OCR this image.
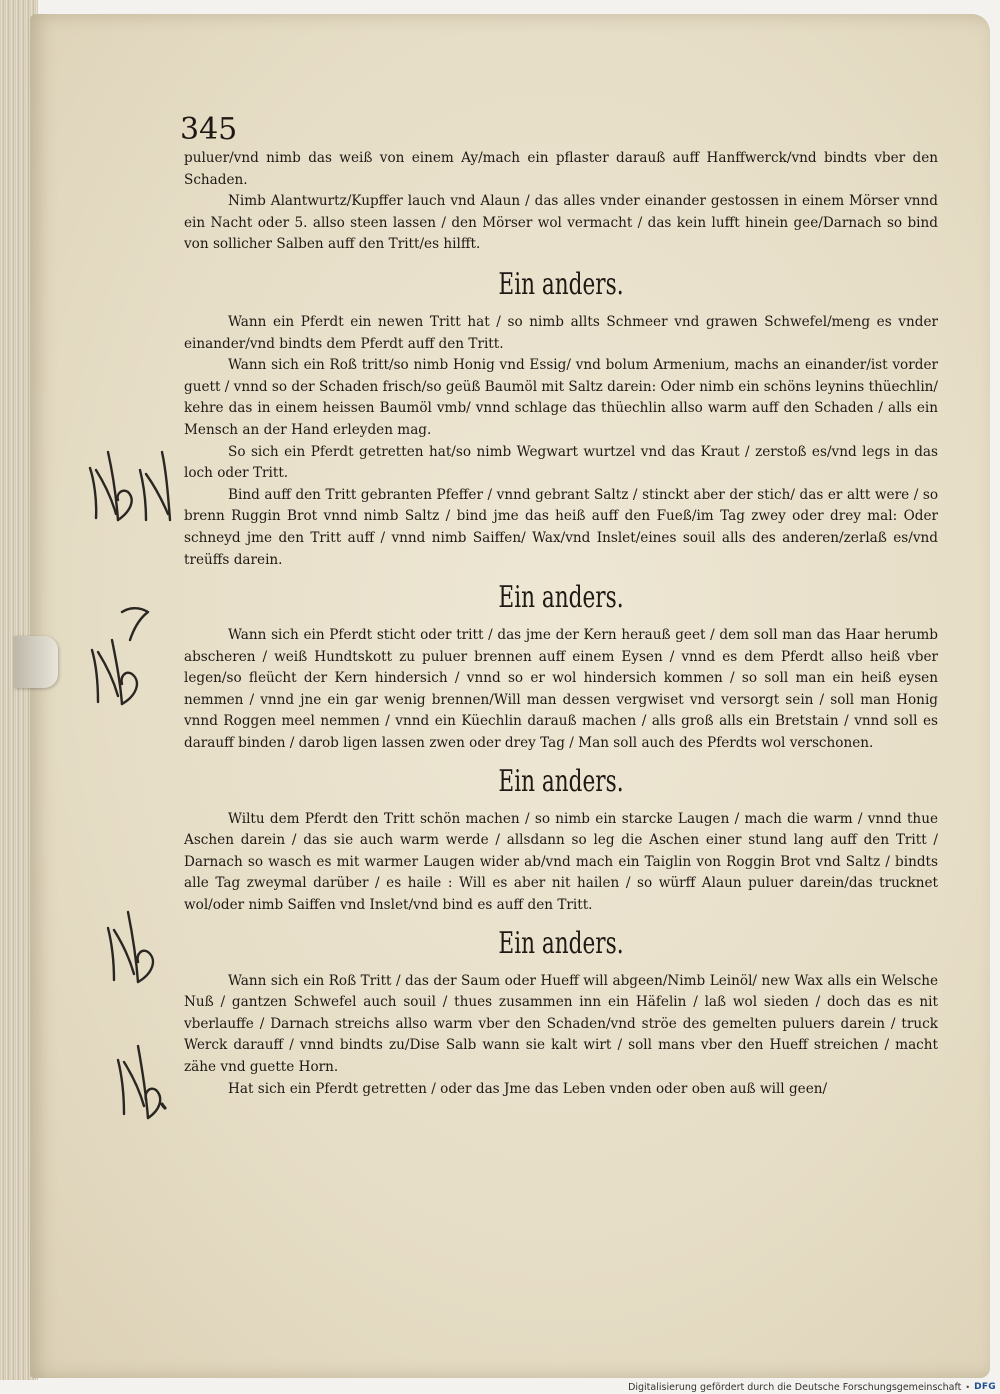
345

puluer/vnd nimb das weiß von einem Ay/mach ein pflaster darauß auff Hanffwerck/vnd bindts vber den Schaden.

Nimb Alantwurtz/Kupffer lauch vnd Alaun / das alles vnder einander gestossen in einem Mörser vnnd ein Nacht oder 5. allso steen lassen / den Mörser wol vermacht / das kein lufft hinein gee/Darnach so bind von sollicher Salben auff den Tritt/es hilfft.

Ein anders.

Wann ein Pferdt ein newen Tritt hat / so nimb allts Schmeer vnd grawen Schwefel/meng es vnder einander/vnd bindts dem Pferdt auff den Tritt.

Wann sich ein Roß tritt/so nimb Honig vnd Essig/ vnd bolum Armenium, machs an einander/ist vorder guett / vnnd so der Schaden frisch/so geüß Baumöl mit Saltz darein: Oder nimb ein schöns leynins thüechlin/ kehre das in einem heissen Baumöl vmb/ vnnd schlage das thüechlin allso warm auff den Schaden / alls ein Mensch an der Hand erleyden mag.

So sich ein Pferdt getretten hat/so nimb Wegwart wurtzel vnd das Kraut / zerstoß es/vnd legs in das loch oder Tritt.

Bind auff den Tritt gebranten Pfeffer / vnnd gebrant Saltz / stinckt aber der stich/ das er altt were / so brenn Ruggin Brot vnnd nimb Saltz / bind jme das heiß auff den Fueß/im Tag zwey oder drey mal: Oder schneyd jme den Tritt auff / vnnd nimb Saiffen/ Wax/vnd Inslet/eines souil alls des anderen/zerlaß es/vnd treüffs darein.

Ein anders.

Wann sich ein Pferdt sticht oder tritt / das jme der Kern herauß geet / dem soll man das Haar herumb abscheren / weiß Hundtskott zu puluer brennen auff einem Eysen / vnnd es dem Pferdt allso heiß vber legen/so fleücht der Kern hindersich / vnnd so er wol hindersich kommen / so soll man ein heiß eysen nemmen / vnnd jne ein gar wenig brennen/Will man dessen vergwiset vnd versorgt sein / soll man Honig vnnd Roggen meel nemmen / vnnd ein Küechlin darauß machen / alls groß alls ein Bretstain / vnnd soll es darauff binden / darob ligen lassen zwen oder drey Tag / Man soll auch des Pferdts wol verschonen.

Ein anders.

Wiltu dem Pferdt den Tritt schön machen / so nimb ein starcke Laugen / mach die warm / vnnd thue Aschen darein / das sie auch warm werde / allsdann so leg die Aschen einer stund lang auff den Tritt / Darnach so wasch es mit warmer Laugen wider ab/vnd mach ein Taiglin von Roggin Brot vnd Saltz / bindts alle Tag zweymal darüber / es haile : Will es aber nit hailen / so würff Alaun puluer darein/das trucknet wol/oder nimb Saiffen vnd Inslet/vnd bind es auff den Tritt.

Ein anders.

Wann sich ein Roß Tritt / das der Saum oder Hueff will abgeen/Nimb Leinöl/ new Wax alls ein Welsche Nuß / gantzen Schwefel auch souil / thues zusammen inn ein Häfelin / laß wol sieden / doch das es nit vberlauffe / Darnach streichs allso warm vber den Schaden/vnd ströe des gemelten puluers darein / truck Werck darauff / vnnd bindts zu/Dise Salb wann sie kalt wirt / soll mans vber den Hueff streichen / macht zähe vnd guette Horn.

Hat sich ein Pferdt getretten / oder das Jme das Leben vnden oder oben auß will geen/

Digitalisierung gefördert durch die Deutsche Forschungsgemeinschaft • DFG
